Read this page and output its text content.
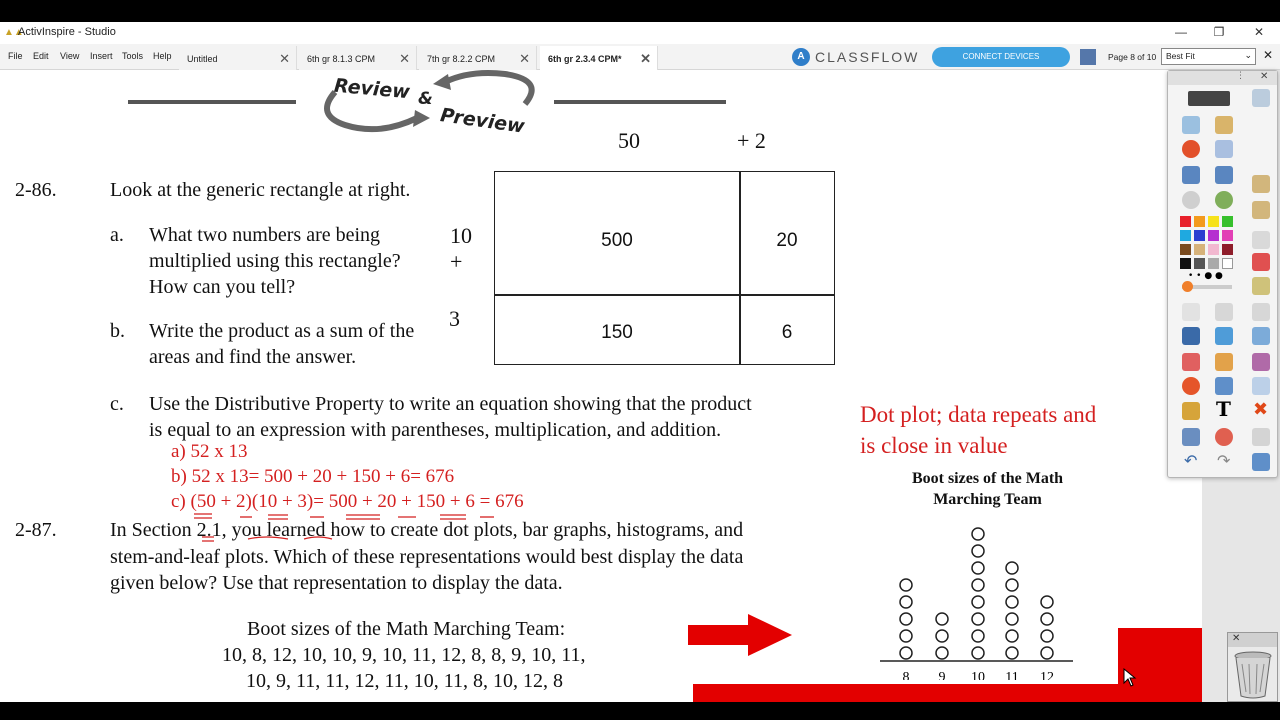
▲▲
ActivInspire - Studio	—	❐	✕
File Edit View Insert Tools Help Untitled	✕ 6th gr 8.1.3 CPM ✕ 7th gr 8.2.2 CPM ✕ 6th gr 2.3.4 CPM* ✕	A CLASSFLOW	CONNECT DEVICES	Page 8 of 10	Best Fit	⌄ ✕
Review &
Preview
50	+ 2
10
+
3
500	20
150	6
2-86.	Look at the generic rectangle at right.
a. What two numbers are being
multiplied using this rectangle?
How can you tell?
b. Write the product as a sum of the
areas and find the answer.
c. Use the Distributive Property to write an equation showing that the product
is equal to an expression with parentheses, multiplication, and addition.
a) 52 x 13
b) 52 x 13= 500 + 20 + 150 + 6= 676
c) (50 + 2)(10 + 3)= 500 + 20 + 150 + 6 = 676
2-87.	In Section 2.1, you learned how to create dot plots, bar graphs, histograms, and
stem-and-leaf plots. Which of these representations would best display the data
given below? Use that representation to display the data.
Boot sizes of the Math Marching Team:
10, 8, 12, 10, 10, 9, 10, 11, 12, 8, 8, 9, 10, 11,
10, 9, 11, 11, 12, 11, 10, 11, 8, 10, 12, 8
Dot plot; data repeats and
is close in value
Boot sizes of the Math Marching Team
8 9 10 11 12
⋮ ✕
• • ● ●
T ✖
↶ ↷
✕
